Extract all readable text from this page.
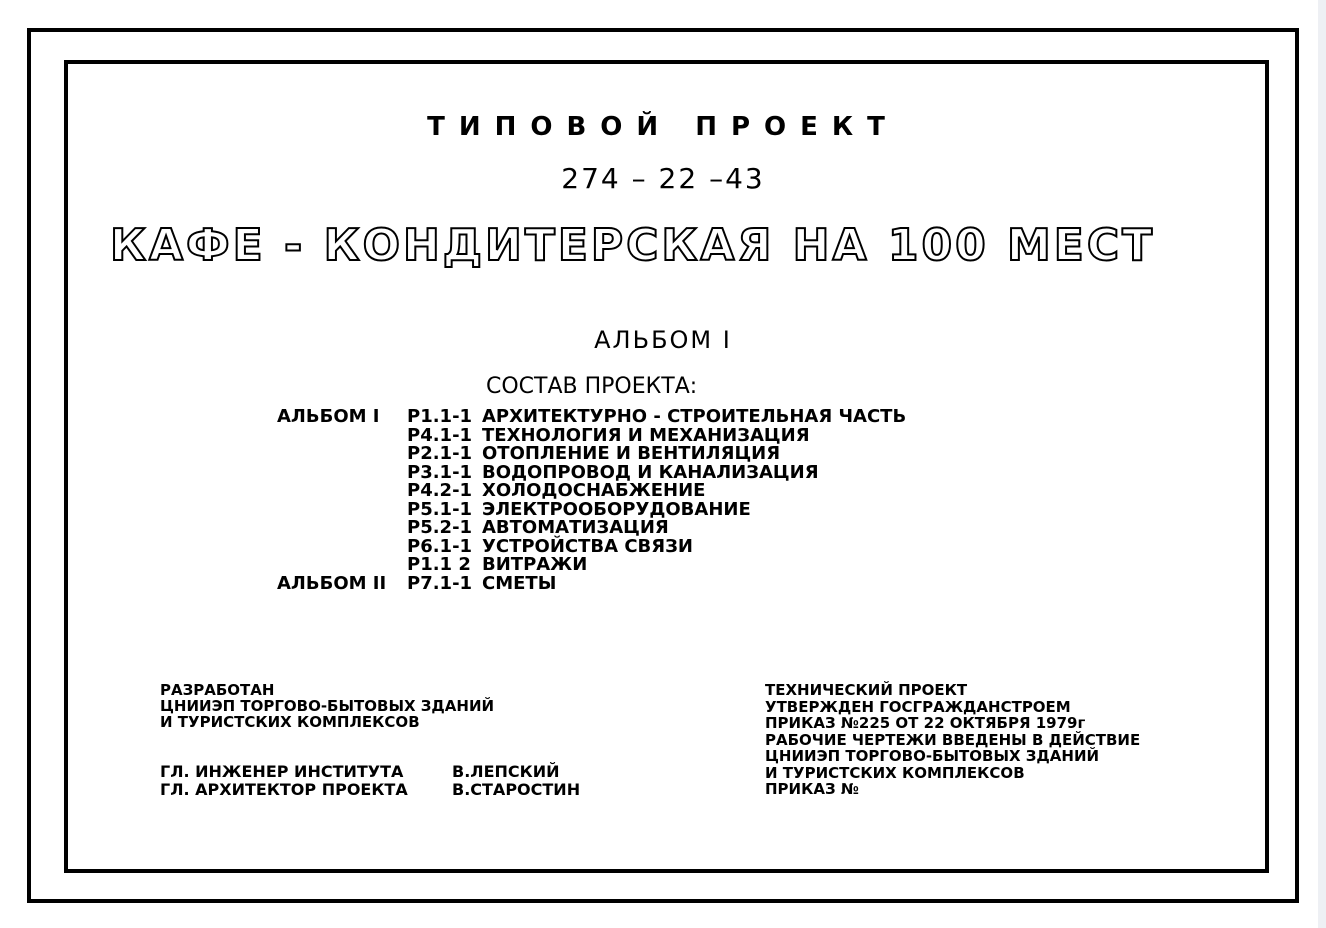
ТИПОВОЙ ПРОЕКТ
274 – 22 –43
КАФЕ - КОНДИТЕРСКАЯ НА 100 МЕСТ
АЛЬБОМ I
СОСТАВ ПРОЕКТА:
АЛЬБОМ I	P1.1-1 АРХИТЕКТУРНО - СТРОИТЕЛЬНАЯ ЧАСТЬ
P4.1-1 ТЕХНОЛОГИЯ И МЕХАНИЗАЦИЯ
P2.1-1 ОТОПЛЕНИЕ И ВЕНТИЛЯЦИЯ
P3.1-1 ВОДОПРОВОД И КАНАЛИЗАЦИЯ
P4.2-1 ХОЛОДОСНАБЖЕНИЕ
P5.1-1 ЭЛЕКТРООБОРУДОВАНИЕ
P5.2-1 АВТОМАТИЗАЦИЯ
P6.1-1 УСТРОЙСТВА СВЯЗИ
P1.1 2 ВИТРАЖИ
АЛЬБОМ II	P7.1-1 СМЕТЫ
РАЗРАБОТАН
ЦНИИЭП ТОРГОВО-БЫТОВЫХ ЗДАНИЙ
И ТУРИСТСКИХ КОМПЛЕКСОВ
ГЛ. ИНЖЕНЕР ИНСТИТУТА	В.ЛЕПСКИЙ
ГЛ. АРХИТЕКТОР ПРОЕКТА	В.СТАРОСТИН
ТЕХНИЧЕСКИЙ ПРОЕКТ
УТВЕРЖДЕН ГОСГРАЖДАНСТРОЕМ
ПРИКАЗ №225 ОТ 22 ОКТЯБРЯ 1979г
РАБОЧИЕ ЧЕРТЕЖИ ВВЕДЕНЫ В ДЕЙСТВИЕ
ЦНИИЭП ТОРГОВО-БЫТОВЫХ ЗДАНИЙ
И ТУРИСТСКИХ КОМПЛЕКСОВ
ПРИКАЗ №
